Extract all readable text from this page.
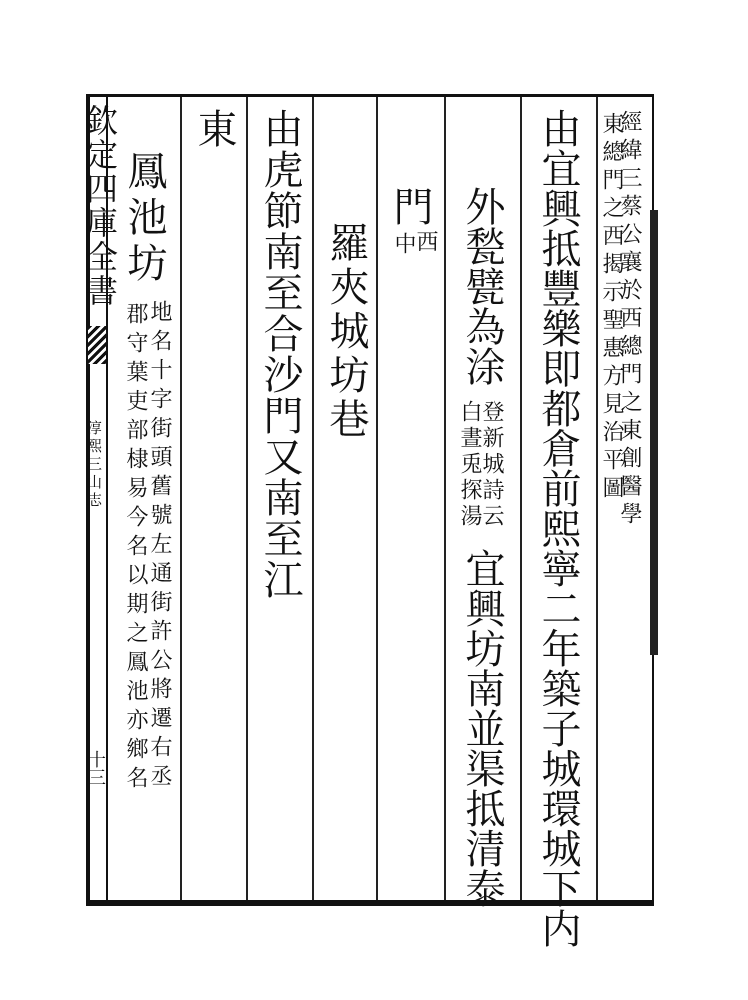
欽定四庫全書
淳熙三山志
十三
經緯三蔡公襄於西總門之東創醫學
東總門之西揭示聖惠方見治平圖
由宜興抵豐樂即都倉前熙寧二年築子城環城下内
外甃甓為涂
登新城詩云
白晝兎探湯
宜興坊南並渠抵清泰
門
西
中
羅夾城坊巷
由虎節南至合沙門又南至江
東
鳳池坊
地名十字街頭舊號左通街許公將遷右丞
郡守葉吏部棣易今名以期之鳳池亦鄉名
